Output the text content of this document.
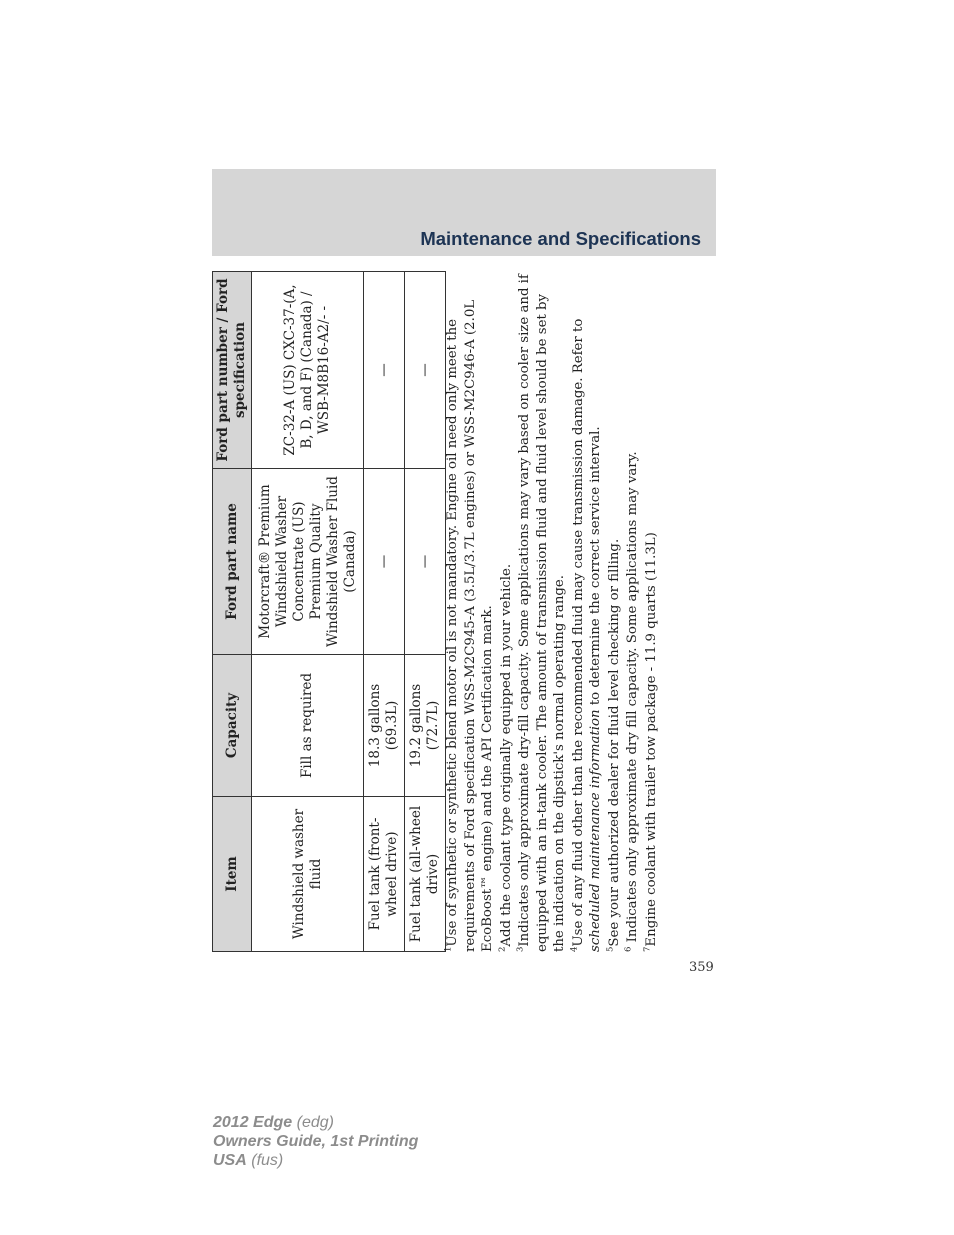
Maintenance and Specifications
Item	Capacity	Ford part name	Ford part number / Ford specification
Windshield washer fluid	Fill as required	Motorcraft® Premium Windshield Washer Concentrate (US) Premium Quality Windshield Washer Fluid (Canada)	ZC-32-A (US) CXC-37-(A, B, D, and F) (Canada) / WSB-M8B16-A2/- -
Fuel tank (front-wheel drive)	18.3 gallons (69.3L)	—	—
Fuel tank (all-wheel drive)	19.2 gallons (72.7L)	—	—

$^1$Use of synthetic or synthetic blend motor oil is not mandatory. Engine oil need only meet the requirements of Ford specification WSS-M2C945-A (3.5L/3.7L engines) or WSS-M2C946-A (2.0L EcoBoost™ engine) and the API Certification mark. $^2$Add the coolant type originally equipped in your vehicle.

$^3$Indicates only approximate dry-fill capacity. Some applications may vary based on cooler size and if equipped with an in-tank cooler. The amount of transmission fluid and fluid level should be set by the indication on the dipstick's normal operating range. $^4$Use of any fluid other than the recommended fluid may cause transmission damage. Refer to scheduled maintenance information to determine the correct service interval.

$^5$See your authorized dealer for fluid level checking or filling.

$^6$ Indicates only approximate dry fill capacity. Some applications may vary.

$^7$Engine coolant with trailer tow package - 11.9 quarts (11.3L)

359
2012 Edge (edg)
Owners Guide, 1st Printing
USA (fus)
